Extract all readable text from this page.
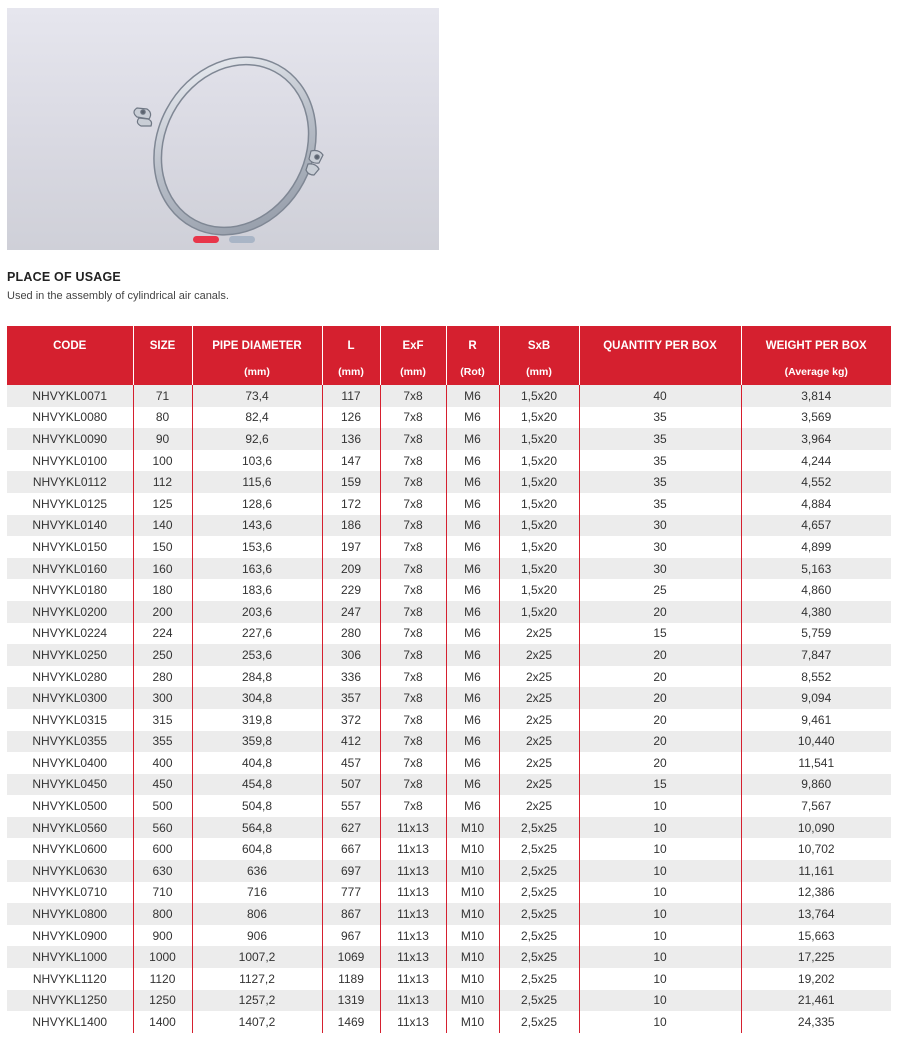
PLACE OF USAGE
Used in the assembly of cylindrical air canals.
CODE	SIZE	PIPE DIAMETER	L	ExF	R	SxB	QUANTITY PER BOX	WEIGHT PER BOX
		(mm)	(mm)	(mm)	(Rot)	(mm)		(Average kg)
NHVYKL0071	71	73,4	117	7x8	M6	1,5x20	40	3,814
NHVYKL0080	80	82,4	126	7x8	M6	1,5x20	35	3,569
NHVYKL0090	90	92,6	136	7x8	M6	1,5x20	35	3,964
NHVYKL0100	100	103,6	147	7x8	M6	1,5x20	35	4,244
NHVYKL0112	112	115,6	159	7x8	M6	1,5x20	35	4,552
NHVYKL0125	125	128,6	172	7x8	M6	1,5x20	35	4,884
NHVYKL0140	140	143,6	186	7x8	M6	1,5x20	30	4,657
NHVYKL0150	150	153,6	197	7x8	M6	1,5x20	30	4,899
NHVYKL0160	160	163,6	209	7x8	M6	1,5x20	30	5,163
NHVYKL0180	180	183,6	229	7x8	M6	1,5x20	25	4,860
NHVYKL0200	200	203,6	247	7x8	M6	1,5x20	20	4,380
NHVYKL0224	224	227,6	280	7x8	M6	2x25	15	5,759
NHVYKL0250	250	253,6	306	7x8	M6	2x25	20	7,847
NHVYKL0280	280	284,8	336	7x8	M6	2x25	20	8,552
NHVYKL0300	300	304,8	357	7x8	M6	2x25	20	9,094
NHVYKL0315	315	319,8	372	7x8	M6	2x25	20	9,461
NHVYKL0355	355	359,8	412	7x8	M6	2x25	20	10,440
NHVYKL0400	400	404,8	457	7x8	M6	2x25	20	11,541
NHVYKL0450	450	454,8	507	7x8	M6	2x25	15	9,860
NHVYKL0500	500	504,8	557	7x8	M6	2x25	10	7,567
NHVYKL0560	560	564,8	627	11x13	M10	2,5x25	10	10,090
NHVYKL0600	600	604,8	667	11x13	M10	2,5x25	10	10,702
NHVYKL0630	630	636	697	11x13	M10	2,5x25	10	11,161
NHVYKL0710	710	716	777	11x13	M10	2,5x25	10	12,386
NHVYKL0800	800	806	867	11x13	M10	2,5x25	10	13,764
NHVYKL0900	900	906	967	11x13	M10	2,5x25	10	15,663
NHVYKL1000	1000	1007,2	1069	11x13	M10	2,5x25	10	17,225
NHVYKL1120	1120	1127,2	1189	11x13	M10	2,5x25	10	19,202
NHVYKL1250	1250	1257,2	1319	11x13	M10	2,5x25	10	21,461
NHVYKL1400	1400	1407,2	1469	11x13	M10	2,5x25	10	24,335
